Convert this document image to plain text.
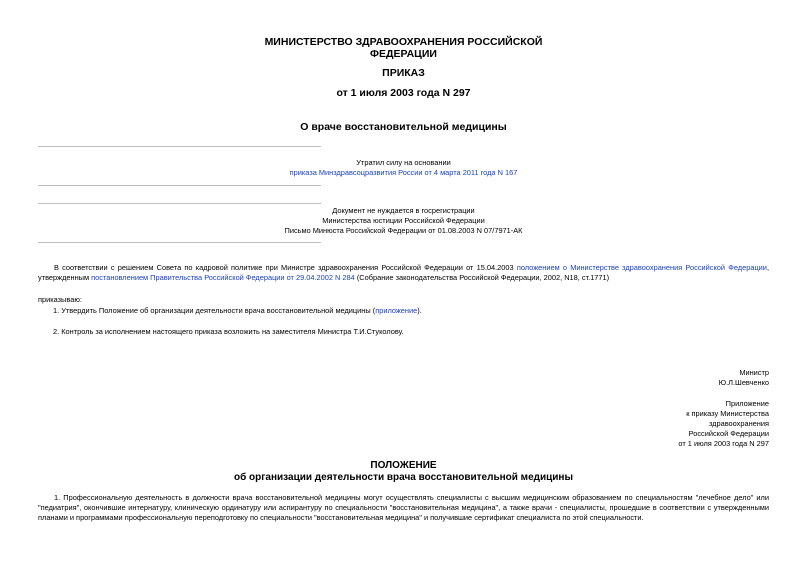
МИНИСТЕРСТВО ЗДРАВООХРАНЕНИЯ РОССИЙСКОЙ
ФЕДЕРАЦИИ
ПРИКАЗ
от 1 июля 2003 года N 297
О враче восстановительной медицины
Утратил силу на основании
приказа Минздравсоцразвития России от 4 марта 2011 года N 167
Документ не нуждается в госрегистрации
Министерства юстиции Российской Федерации
Письмо Минюста Российской Федерации от 01.08.2003 N 07/7971-АК

В соответствии с решением Совета по кадровой политике при Министре здравоохранения Российской Федерации от 15.04.2003 положением о Министерстве здравоохранения Российской Федерации, утвержденным постановлением Правительства Российской Федерации от 29.04.2002 N 284 (Собрание законодательства Российской Федерации, 2002, N18, ст.1771)

приказываю:
1. Утвердить Положение об организации деятельности врача восстановительной медицины (приложение).
2. Контроль за исполнением настоящего приказа возложить на заместителя Министра Т.И.Стуколову.
Министр
Ю.Л.Шевченко
Приложение
к приказу Министерства
здравоохранения
Российской Федерации
от 1 июля 2003 года N 297
ПОЛОЖЕНИЕ
об организации деятельности врача восстановительной медицины

1. Профессиональную деятельность в должности врача восстановительной медицины могут осуществлять специалисты с высшим медицинским образованием по специальностям "лечебное дело" или "педиатрия", окончившие интернатуру, клиническую ординатуру или аспирантуру по специальности "восстановительная медицина", а также врачи - специалисты, прошедшие в соответствии с утвержденными планами и программами профессиональную переподготовку по специальности "восстановительная медицина" и получившие сертификат специалиста по этой специальности.
